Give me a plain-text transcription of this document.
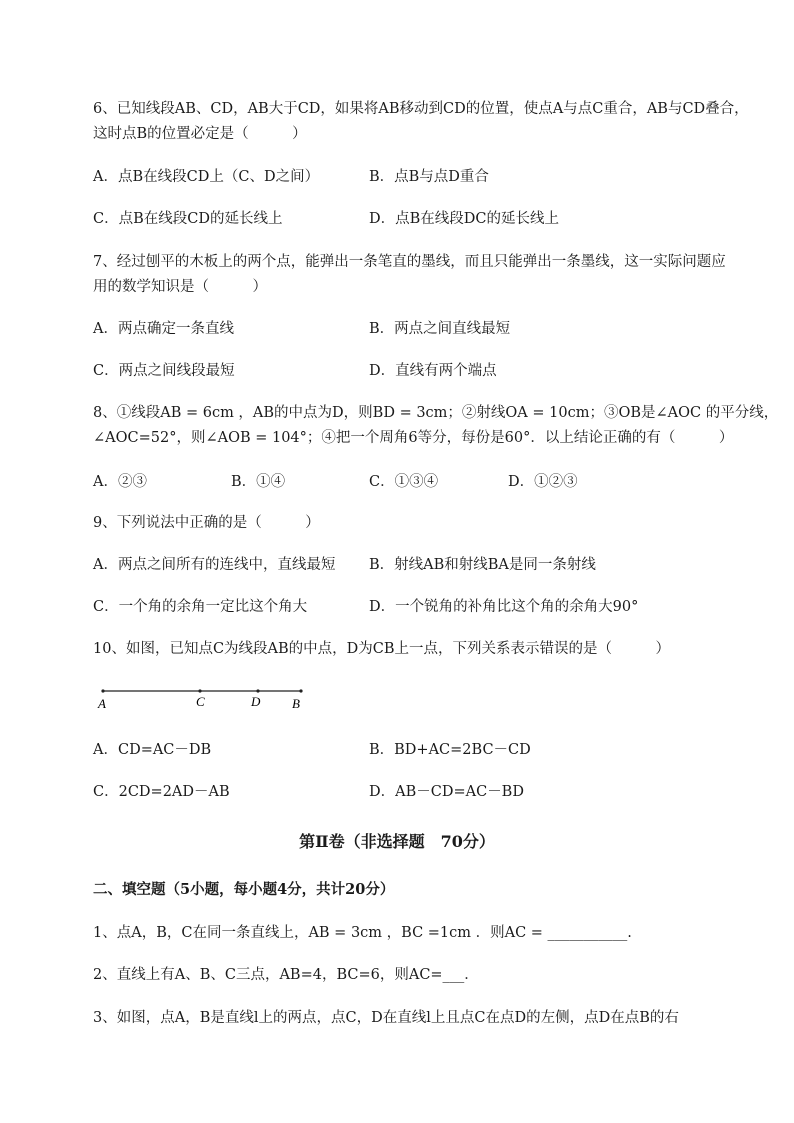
6、已知线段AB、CD，AB大于CD，如果将AB移动到CD的位置，使点A与点C重合，AB与CD叠合，
这时点B的位置必定是（　　　）
A．点B在线段CD上（C、D之间）	B．点B与点D重合
C．点B在线段CD的延长线上	D．点B在线段DC的延长线上
7、经过刨平的木板上的两个点，能弹出一条笔直的墨线，而且只能弹出一条墨线，这一实际问题应
用的数学知识是（　　　）
A．两点确定一条直线	B．两点之间直线最短
C．两点之间线段最短	D．直线有两个端点
8、①线段AB = 6cm ，AB的中点为D，则BD = 3cm；②射线OA = 10cm；③OB是∠AOC 的平分线，
∠AOC=52°，则∠AOB = 104°；④把一个周角6等分，每份是60°．以上结论正确的有（　　　）
A．②③	B．①④	C．①③④	D．①②③
9、下列说法中正确的是（　　　）
A．两点之间所有的连线中，直线最短 B．射线AB和射线BA是同一条射线
C．一个角的余角一定比这个角大	D．一个锐角的补角比这个角的余角大90°
10、如图，已知点C为线段AB的中点，D为CB上一点，下列关系表示错误的是（　　　）
A	C	D B
A．CD=AC－DB	B．BD+AC=2BC－CD
C．2CD=2AD－AB	D．AB－CD=AC－BD
第Ⅱ卷（非选择题　70分）
二、填空题（5小题，每小题4分，共计20分）
1、点A，B，C在同一条直线上，AB = 3cm ，BC =1cm ．则AC = ___________.
2、直线上有A、B、C三点，AB=4，BC=6，则AC=___．
3、如图，点A，B是直线l上的两点，点C，D在直线l上且点C在点D的左侧，点D在点B的右
